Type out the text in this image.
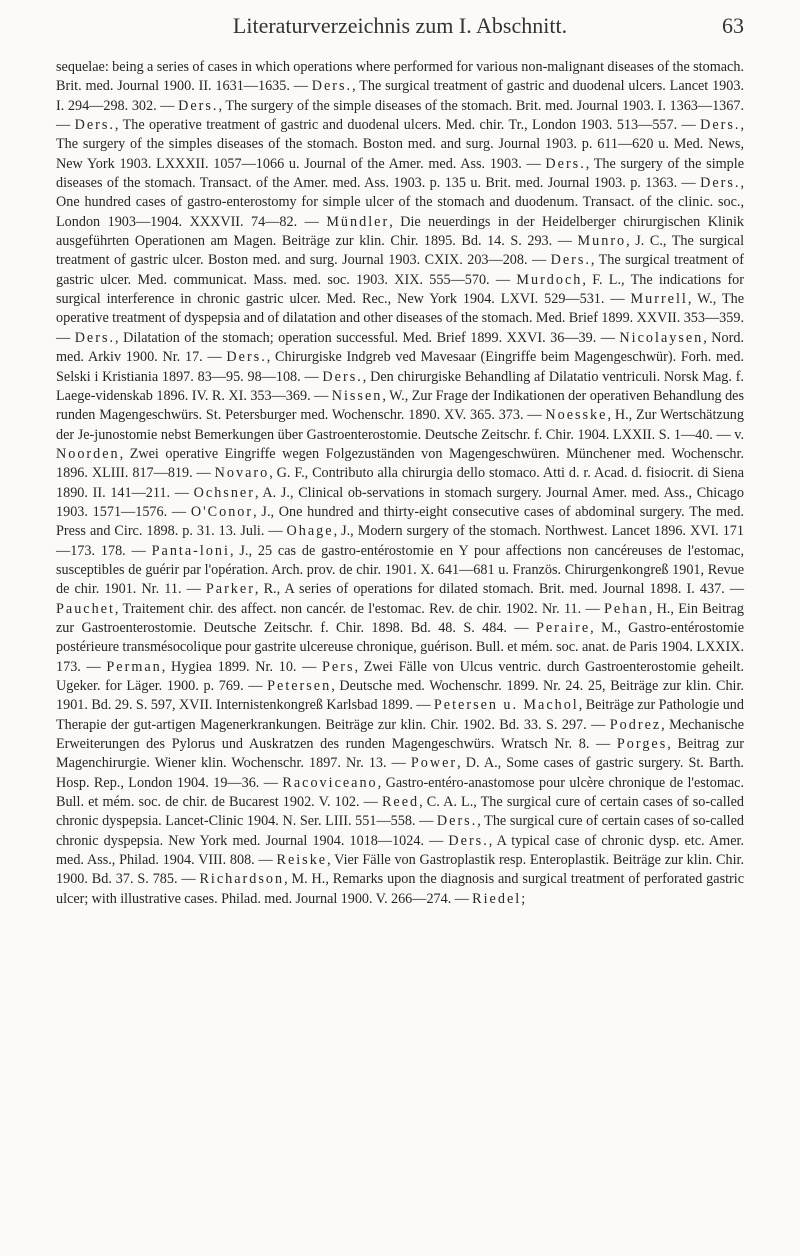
Literaturverzeichnis zum I. Abschnitt.	63
sequelae: being a series of cases in which operations where performed for various non-malignant diseases of the stomach. Brit. med. Journal 1900. II. 1631—1635. — Ders., The surgical treatment of gastric and duodenal ulcers. Lancet 1903. I. 294—298. 302. — Ders., The surgery of the simple diseases of the stomach. Brit. med. Journal 1903. I. 1363—1367. — Ders., The operative treatment of gastric and duodenal ulcers. Med. chir. Tr., London 1903. 513—557. — Ders., The surgery of the simples diseases of the stomach. Boston med. and surg. Journal 1903. p. 611—620 u. Med. News, New York 1903. LXXXII. 1057—1066 u. Journal of the Amer. med. Ass. 1903. — Ders., The surgery of the simple diseases of the stomach. Transact. of the Amer. med. Ass. 1903. p. 135 u. Brit. med. Journal 1903. p. 1363. — Ders., One hundred cases of gastro-enterostomy for simple ulcer of the stomach and duodenum. Transact. of the clinic. soc., London 1903—1904. XXXVII. 74—82. — Mündler, Die neuerdings in der Heidelberger chirurgischen Klinik ausgeführten Operationen am Magen. Beiträge zur klin. Chir. 1895. Bd. 14. S. 293. — Munro, J. C., The surgical treatment of gastric ulcer. Boston med. and surg. Journal 1903. CXIX. 203—208. — Ders., The surgical treatment of gastric ulcer. Med. communicat. Mass. med. soc. 1903. XIX. 555—570. — Murdoch, F. L., The indications for surgical interference in chronic gastric ulcer. Med. Rec., New York 1904. LXVI. 529—531. — Murrell, W., The operative treatment of dyspepsia and of dilatation and other diseases of the stomach. Med. Brief 1899. XXVII. 353—359. — Ders., Dilatation of the stomach; operation successful. Med. Brief 1899. XXVI. 36—39. — Nicolaysen, Nord. med. Arkiv 1900. Nr. 17. — Ders., Chirurgiske Indgreb ved Mavesaar (Eingriffe beim Magengeschwür). Forh. med. Selski i Kristiania 1897. 83—95. 98—108. — Ders., Den chirurgiske Behandling af Dilatatio ventriculi. Norsk Mag. f. Laege-videnskab 1896. IV. R. XI. 353—369. — Nissen, W., Zur Frage der Indikationen der operativen Behandlung des runden Magengeschwürs. St. Petersburger med. Wochenschr. 1890. XV. 365. 373. — Noesske, H., Zur Wertschätzung der Je-junostomie nebst Bemerkungen über Gastroenterostomie. Deutsche Zeitschr. f. Chir. 1904. LXXII. S. 1—40. — v. Noorden, Zwei operative Eingriffe wegen Folgezuständen von Magengeschwüren. Münchener med. Wochenschr. 1896. XLIII. 817—819. — Novaro, G. F., Contributo alla chirurgia dello stomaco. Atti d. r. Acad. d. fisiocrit. di Siena 1890. II. 141—211. — Ochsner, A. J., Clinical ob-servations in stomach surgery. Journal Amer. med. Ass., Chicago 1903. 1571—1576. — O'Conor, J., One hundred and thirty-eight consecutive cases of abdominal surgery. The med. Press and Circ. 1898. p. 31. 13. Juli. — Ohage, J., Modern surgery of the stomach. Northwest. Lancet 1896. XVI. 171—173. 178. — Panta-loni, J., 25 cas de gastro-entérostomie en Y pour affections non cancéreuses de l'estomac, susceptibles de guérir par l'opération. Arch. prov. de chir. 1901. X. 641—681 u. Französ. Chirurgenkongreß 1901, Revue de chir. 1901. Nr. 11. — Parker, R., A series of operations for dilated stomach. Brit. med. Journal 1898. I. 437. — Pauchet, Traitement chir. des affect. non cancér. de l'estomac. Rev. de chir. 1902. Nr. 11. — Pehan, H., Ein Beitrag zur Gastroenterostomie. Deutsche Zeitschr. f. Chir. 1898. Bd. 48. S. 484. — Peraire, M., Gastro-entérostomie postérieure transmésocolique pour gastrite ulcereuse chronique, guérison. Bull. et mém. soc. anat. de Paris 1904. LXXIX. 173. — Perman, Hygiea 1899. Nr. 10. — Pers, Zwei Fälle von Ulcus ventric. durch Gastroenterostomie geheilt. Ugeker. for Läger. 1900. p. 769. — Petersen, Deutsche med. Wochenschr. 1899. Nr. 24. 25, Beiträge zur klin. Chir. 1901. Bd. 29. S. 597, XVII. Internistenkongreß Karlsbad 1899. — Petersen u. Machol, Beiträge zur Pathologie und Therapie der gut-artigen Magenerkrankungen. Beiträge zur klin. Chir. 1902. Bd. 33. S. 297. — Podrez, Mechanische Erweiterungen des Pylorus und Auskratzen des runden Magengeschwürs. Wratsch Nr. 8. — Porges, Beitrag zur Magenchirurgie. Wiener klin. Wochenschr. 1897. Nr. 13. — Power, D. A., Some cases of gastric surgery. St. Barth. Hosp. Rep., London 1904. 19—36. — Racoviceano, Gastro-entéro-anastomose pour ulcère chronique de l'estomac. Bull. et mém. soc. de chir. de Bucarest 1902. V. 102. — Reed, C. A. L., The surgical cure of certain cases of so-called chronic dyspepsia. Lancet-Clinic 1904. N. Ser. LIII. 551—558. — Ders., The surgical cure of certain cases of so-called chronic dyspepsia. New York med. Journal 1904. 1018—1024. — Ders., A typical case of chronic dysp. etc. Amer. med. Ass., Philad. 1904. VIII. 808. — Reiske, Vier Fälle von Gastroplastik resp. Enteroplastik. Beiträge zur klin. Chir. 1900. Bd. 37. S. 785. — Richardson, M. H., Remarks upon the diagnosis and surgical treatment of perforated gastric ulcer; with illustrative cases. Philad. med. Journal 1900. V. 266—274. — Riedel;
